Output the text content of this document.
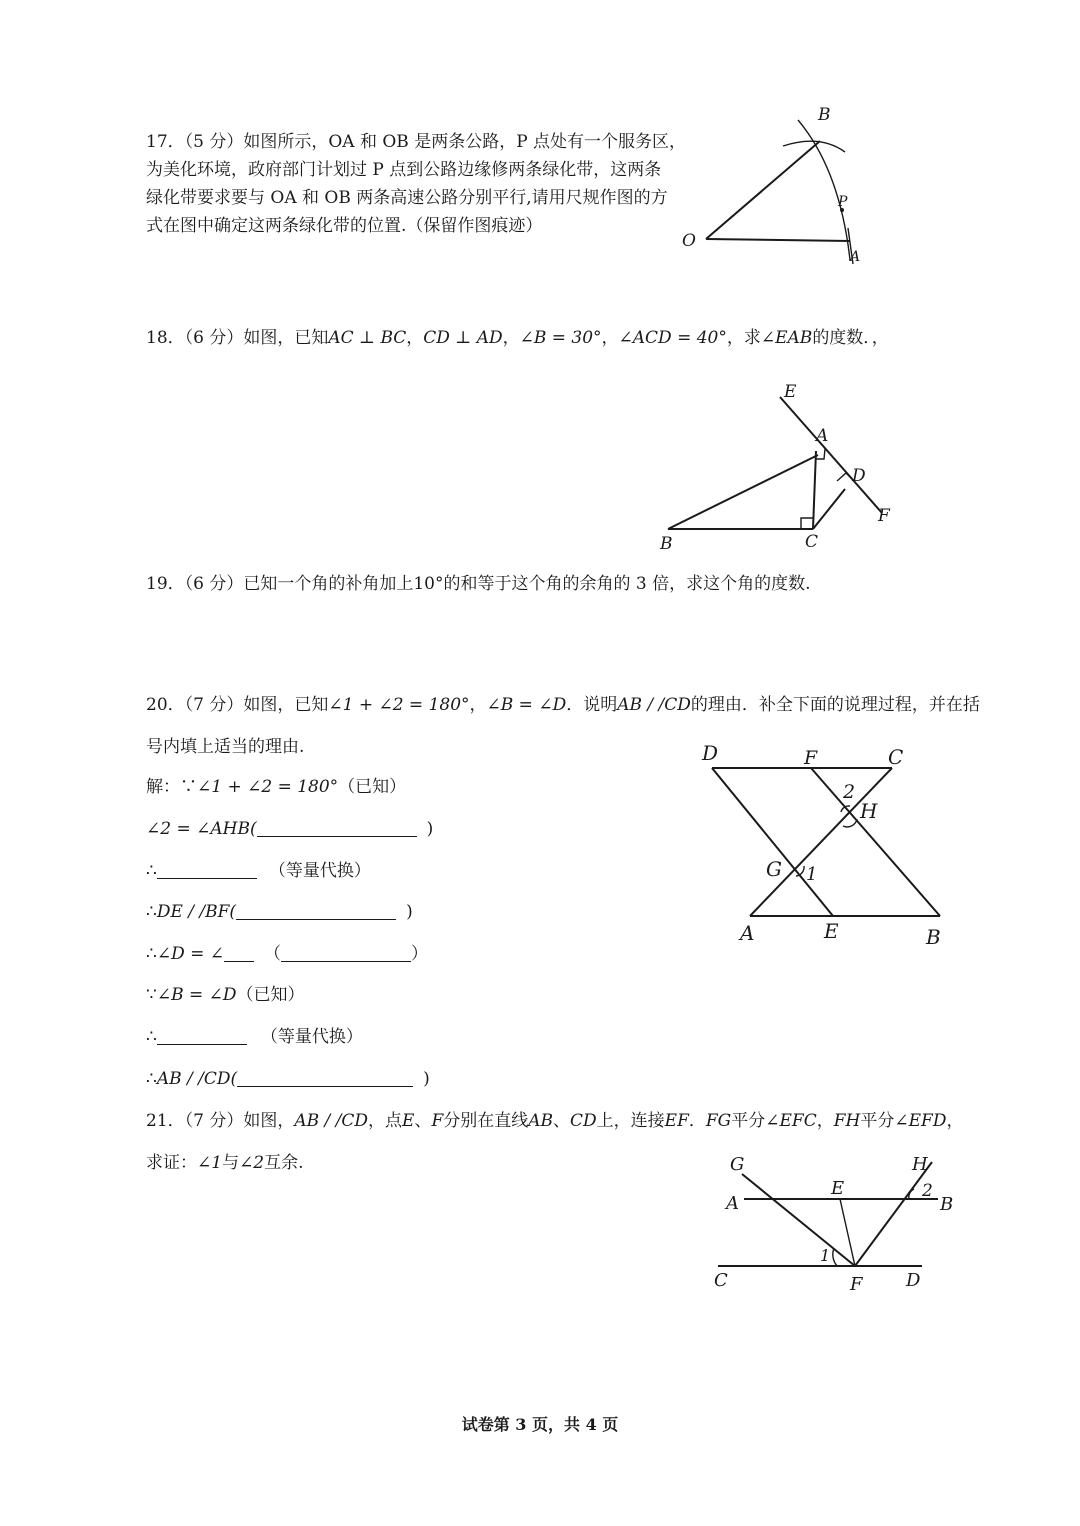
17．（5 分）如图所示，OA 和 OB 是两条公路，P 点处有一个服务区，
为美化环境，政府部门计划过 P 点到公路边缘修两条绿化带，这两条
绿化带要求要与 OA 和 OB 两条高速公路分别平行,请用尺规作图的方
式在图中确定这两条绿化带的位置.（保留作图痕迹）
O
A
B
P
18．（6 分）如图，已知AC ⊥ BC，CD ⊥ AD，∠B = 30°，∠ACD = 40°，求∠EAB的度数．，
E
A
D
F
B	C
19．（6 分）已知一个角的补角加上10°的和等于这个角的余角的 3 倍，求这个角的度数.
20．（7 分）如图，已知∠1 + ∠2 = 180°，∠B = ∠D．说明AB / /CD的理由．补全下面的说理过程，并在括
号内填上适当的理由.
解：∵∠1 + ∠2 = 180°（已知）
∠2 = ∠AHB(	)
∴	（等量代换）
∴DE / /BF(	)
∴∠D = ∠ （	）
∵∠B = ∠D（已知）
∴	（等量代换）
∴AB / /CD(	)
D	F	C
2
H
G 1
A	E	B
21．（7 分）如图，AB / /CD，点E、F分别在直线AB、CD上，连接EF．FG平分∠EFC，FH平分∠EFD，
求证：∠1与∠2互余.	G	H
A
E	2
B
1
C	F D
试卷第 3 页，共 4 页
